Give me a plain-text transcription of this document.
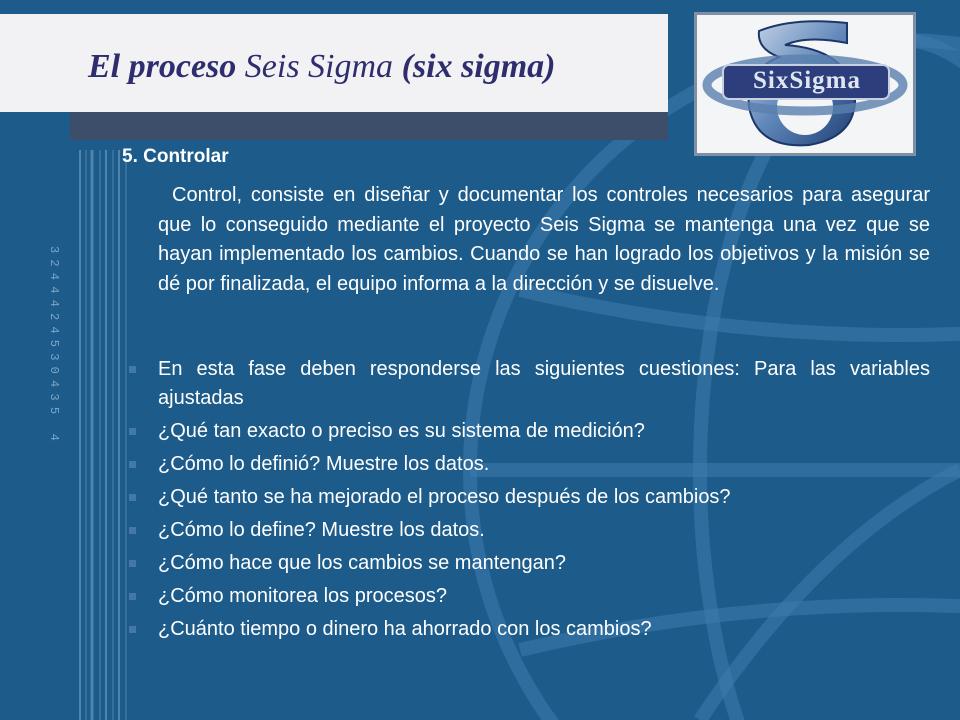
El proceso Seis Sigma (six sigma)
3244424530435 4
SixSigma
5. Controlar

Control, consiste en diseñar y documentar los controles necesarios para asegurar que lo conseguido mediante el proyecto Seis Sigma se mantenga una vez que se hayan implementado los cambios. Cuando se han logrado los objetivos y la misión se dé por finalizada, el equipo informa a la dirección y se disuelve.

En esta fase deben responderse las siguientes cuestiones: Para las variables ajustadas
¿Qué tan exacto o preciso es su sistema de medición?
¿Cómo lo definió? Muestre los datos.
¿Qué tanto se ha mejorado el proceso después de los cambios?
¿Cómo lo define? Muestre los datos.
¿Cómo hace que los cambios se mantengan?
¿Cómo monitorea los procesos?
¿Cuánto tiempo o dinero ha ahorrado con los cambios?
